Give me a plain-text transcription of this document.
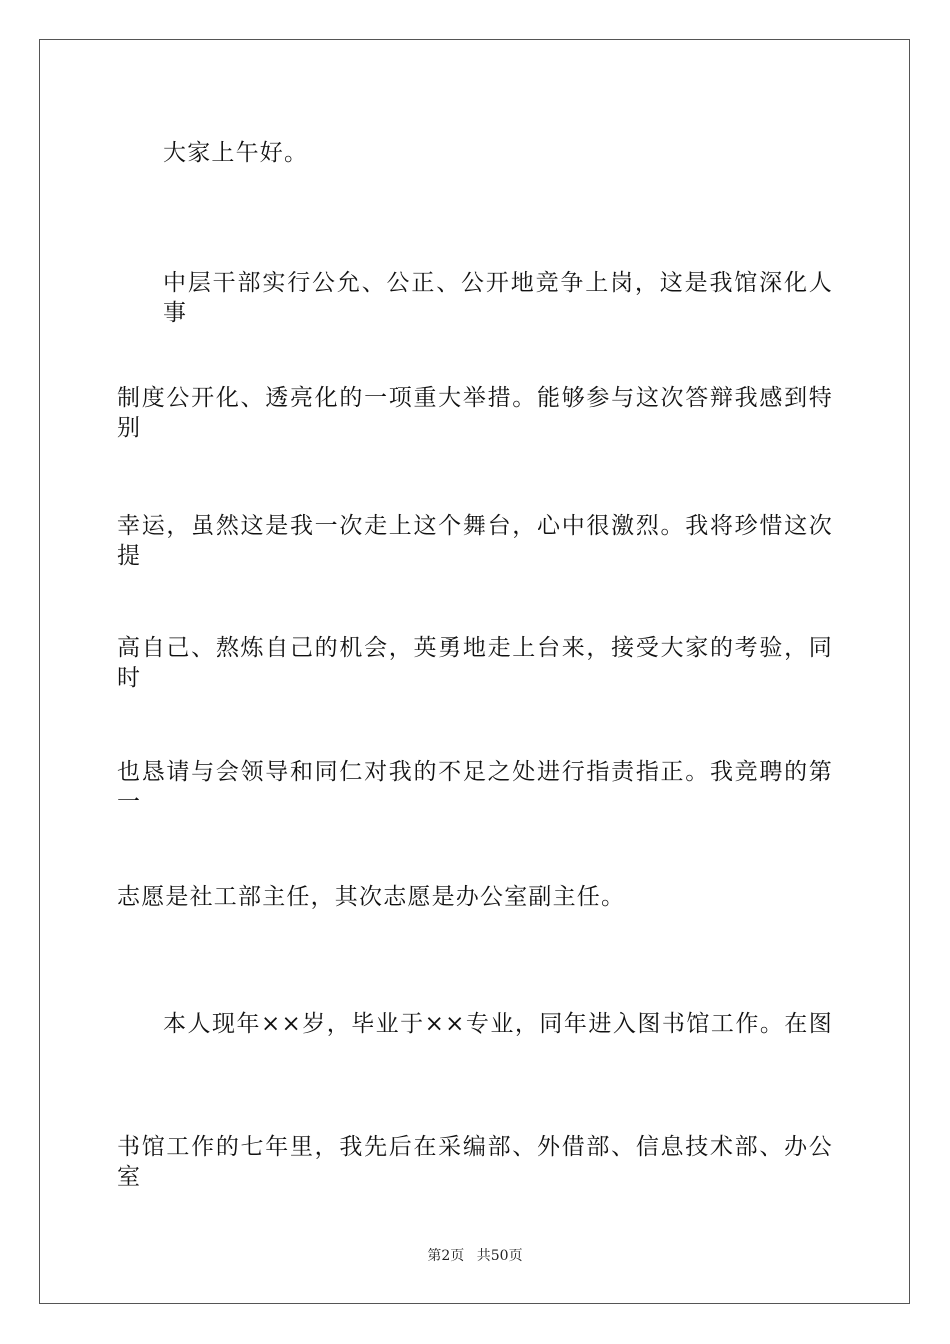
大家上午好。
中层干部实行公允、公正、公开地竞争上岗，这是我馆深化人事
制度公开化、透亮化的一项重大举措。能够参与这次答辩我感到特别
幸运，虽然这是我一次走上这个舞台，心中很激烈。我将珍惜这次提
高自己、熬炼自己的机会，英勇地走上台来，接受大家的考验，同时
也恳请与会领导和同仁对我的不足之处进行指责指正。我竞聘的第一
志愿是社工部主任，其次志愿是办公室副主任。
本人现年××岁，毕业于××专业，同年进入图书馆工作。在图
书馆工作的七年里，我先后在采编部、外借部、信息技术部、办公室
第2页 共50页
